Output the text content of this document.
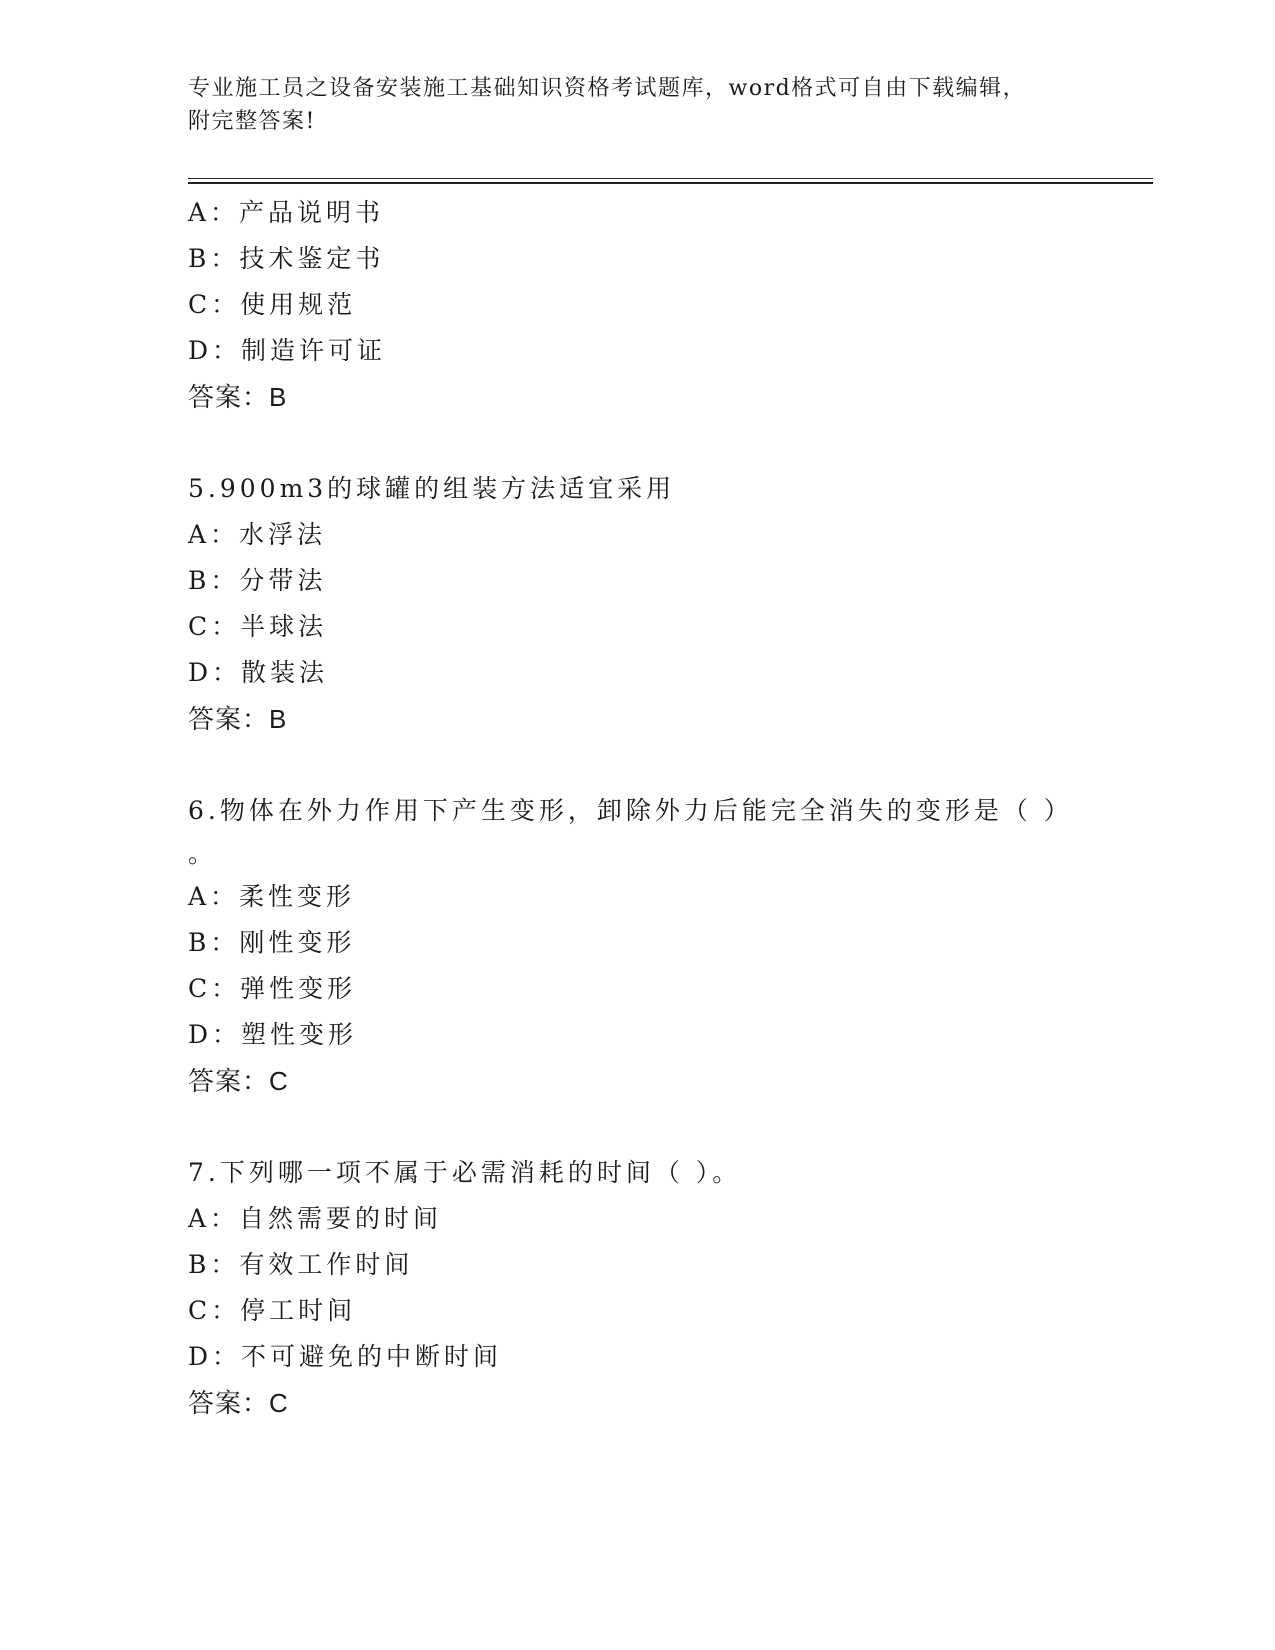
专业施工员之设备安装施工基础知识资格考试题库，word格式可自由下载编辑，
附完整答案!
A：产品说明书
B：技术鉴定书
C：使用规范
D：制造许可证
答案：B
5.900m3的球罐的组装方法适宜采用
A：水浮法
B：分带法
C：半球法
D：散装法
答案：B
6.物体在外力作用下产生变形，卸除外力后能完全消失的变形是（ ）
。
A：柔性变形
B：刚性变形
C：弹性变形
D：塑性变形
答案：C
7.下列哪一项不属于必需消耗的时间（ ）。
A：自然需要的时间
B：有效工作时间
C：停工时间
D：不可避免的中断时间
答案：C
